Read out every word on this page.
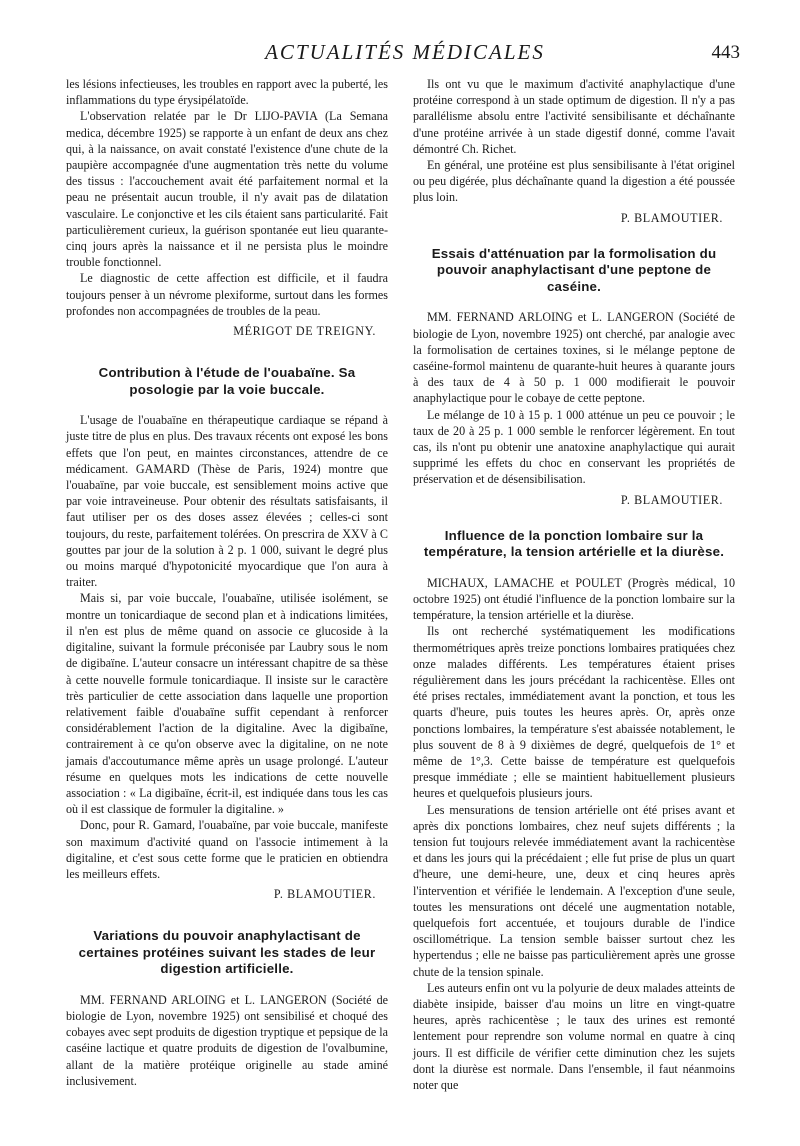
ACTUALITÉS MÉDICALES	443

les lésions infectieuses, les troubles en rapport avec la puberté, les inflammations du type érysipélatoïde.

L'observation relatée par le Dr LIJO-PAVIA (La Semana medica, décembre 1925) se rapporte à un enfant de deux ans chez qui, à la naissance, on avait constaté l'existence d'une chute de la paupière accompagnée d'une augmentation très nette du volume des tissus : l'accouchement avait été parfaitement normal et la peau ne présentait aucun trouble, il n'y avait pas de dilatation vasculaire. Le conjonctive et les cils étaient sans particularité. Fait particulièrement curieux, la guérison spontanée eut lieu quarante-cinq jours après la naissance et il ne persista plus le moindre trouble fonctionnel.

Le diagnostic de cette affection est difficile, et il faudra toujours penser à un névrome plexiforme, surtout dans les formes profondes non accompagnées de troubles de la peau.

MÉRIGOT DE TREIGNY.
Contribution à l'étude de l'ouabaïne. Sa posologie par la voie buccale.

L'usage de l'ouabaïne en thérapeutique cardiaque se répand à juste titre de plus en plus. Des travaux récents ont exposé les bons effets que l'on peut, en maintes circonstances, attendre de ce médicament. GAMARD (Thèse de Paris, 1924) montre que l'ouabaïne, par voie buccale, est sensiblement moins active que par voie intraveineuse. Pour obtenir des résultats satisfaisants, il faut utiliser per os des doses assez élevées ; celles-ci sont toujours, du reste, parfaitement tolérées. On prescrira de XXV à C gouttes par jour de la solution à 2 p. 1 000, suivant le degré plus ou moins marqué d'hypotonicité myocardique que l'on aura à traiter.

Mais si, par voie buccale, l'ouabaïne, utilisée isolément, se montre un tonicardiaque de second plan et à indications limitées, il n'en est plus de même quand on associe ce glucoside à la digitaline, suivant la formule préconisée par Laubry sous le nom de digibaïne. L'auteur consacre un intéressant chapitre de sa thèse à cette nouvelle formule tonicardiaque. Il insiste sur le caractère très particulier de cette association dans laquelle une proportion relativement faible d'ouabaïne suffit cependant à renforcer considérablement l'action de la digitaline. Avec la digibaïne, contrairement à ce qu'on observe avec la digitaline, on ne note jamais d'accoutumance même après un usage prolongé. L'auteur résume en quelques mots les indications de cette nouvelle association : « La digibaïne, écrit-il, est indiquée dans tous les cas où il est classique de formuler la digitaline. »

Donc, pour R. Gamard, l'ouabaïne, par voie buccale, manifeste son maximum d'activité quand on l'associe intimement à la digitaline, et c'est sous cette forme que le praticien en obtiendra les meilleurs effets.

P. BLAMOUTIER.
Variations du pouvoir anaphylactisant de certaines protéines suivant les stades de leur digestion artificielle.

MM. FERNAND ARLOING et L. LANGERON (Société de biologie de Lyon, novembre 1925) ont sensibilisé et choqué des cobayes avec sept produits de digestion tryptique et pepsique de la caséine lactique et quatre produits de digestion de l'ovalbumine, allant de la matière protéique originelle au stade aminé inclusivement.

Ils ont vu que le maximum d'activité anaphylactique d'une protéine correspond à un stade optimum de digestion. Il n'y a pas parallélisme absolu entre l'activité sensibilisante et déchaînante d'une protéine arrivée à un stade digestif donné, comme l'avait démontré Ch. Richet.

En général, une protéine est plus sensibilisante à l'état originel ou peu digérée, plus déchaînante quand la digestion a été poussée plus loin.

P. BLAMOUTIER.
Essais d'atténuation par la formolisation du pouvoir anaphylactisant d'une peptone de caséine.

MM. FERNAND ARLOING et L. LANGERON (Société de biologie de Lyon, novembre 1925) ont cherché, par analogie avec la formolisation de certaines toxines, si le mélange peptone de caséine-formol maintenu de quarante-huit heures à quarante jours à des taux de 4 à 50 p. 1 000 modifierait le pouvoir anaphylactique pour le cobaye de cette peptone.

Le mélange de 10 à 15 p. 1 000 atténue un peu ce pouvoir ; le taux de 20 à 25 p. 1 000 semble le renforcer légèrement. En tout cas, ils n'ont pu obtenir une anatoxine anaphylactique qui aurait supprimé les effets du choc en conservant les propriétés de préservation et de désensibilisation.

P. BLAMOUTIER.
Influence de la ponction lombaire sur la température, la tension artérielle et la diurèse.

MICHAUX, LAMACHE et POULET (Progrès médical, 10 octobre 1925) ont étudié l'influence de la ponction lombaire sur la température, la tension artérielle et la diurèse.

Ils ont recherché systématiquement les modifications thermométriques après treize ponctions lombaires pratiquées chez onze malades différents. Les températures étaient prises régulièrement dans les jours précédant la rachicentèse. Elles ont été prises rectales, immédiatement avant la ponction, et tous les quarts d'heure, puis toutes les heures après. Or, après onze ponctions lombaires, la température s'est abaissée notablement, le plus souvent de 8 à 9 dixièmes de degré, quelquefois de 1° et même de 1°,3. Cette baisse de température est quelquefois presque immédiate ; elle se maintient habituellement plusieurs heures et quelquefois plusieurs jours.

Les mensurations de tension artérielle ont été prises avant et après dix ponctions lombaires, chez neuf sujets différents ; la tension fut toujours relevée immédiatement avant la rachicentèse et dans les jours qui la précédaient ; elle fut prise de plus un quart d'heure, une demi-heure, une, deux et cinq heures après l'intervention et vérifiée le lendemain. A l'exception d'une seule, toutes les mensurations ont décelé une augmentation notable, quelquefois fort accentuée, et toujours durable de l'indice oscillométrique. La tension semble baisser surtout chez les hypertendus ; elle ne baisse pas particulièrement après une grosse chute de la tension spinale.

Les auteurs enfin ont vu la polyurie de deux malades atteints de diabète insipide, baisser d'au moins un litre en vingt-quatre heures, après rachicentèse ; le taux des urines est remonté lentement pour reprendre son volume normal en quatre à cinq jours. Il est difficile de vérifier cette diminution chez les sujets dont la diurèse est normale. Dans l'ensemble, il faut néanmoins noter que
